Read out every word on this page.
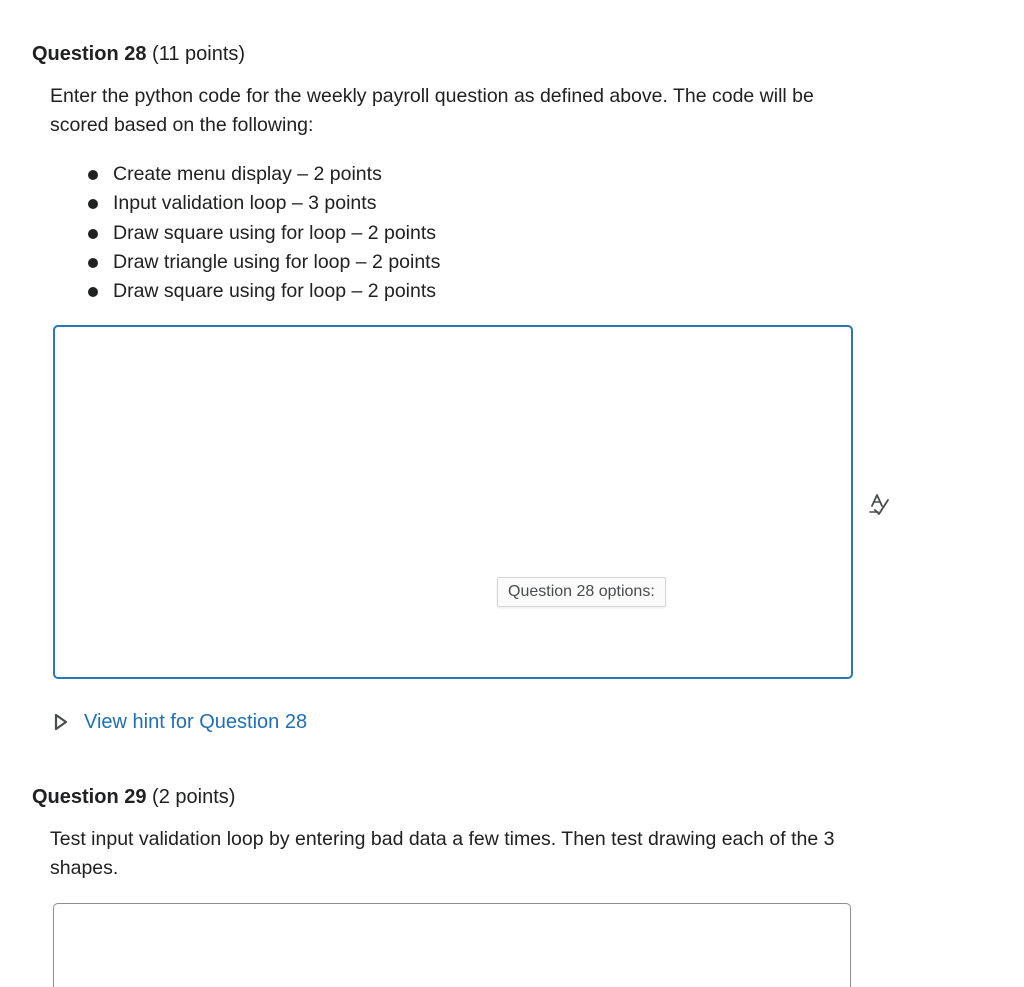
Question 28 (11 points)

Enter the python code for the weekly payroll question as defined above. The code will be scored based on the following:

Create menu display – 2 points
Input validation loop – 3 points
Draw square using for loop – 2 points
Draw triangle using for loop – 2 points
Draw square using for loop – 2 points
Question 28 options:
View hint for Question 28
Question 29 (2 points)

Test input validation loop by entering bad data a few times. Then test drawing each of the 3 shapes.
